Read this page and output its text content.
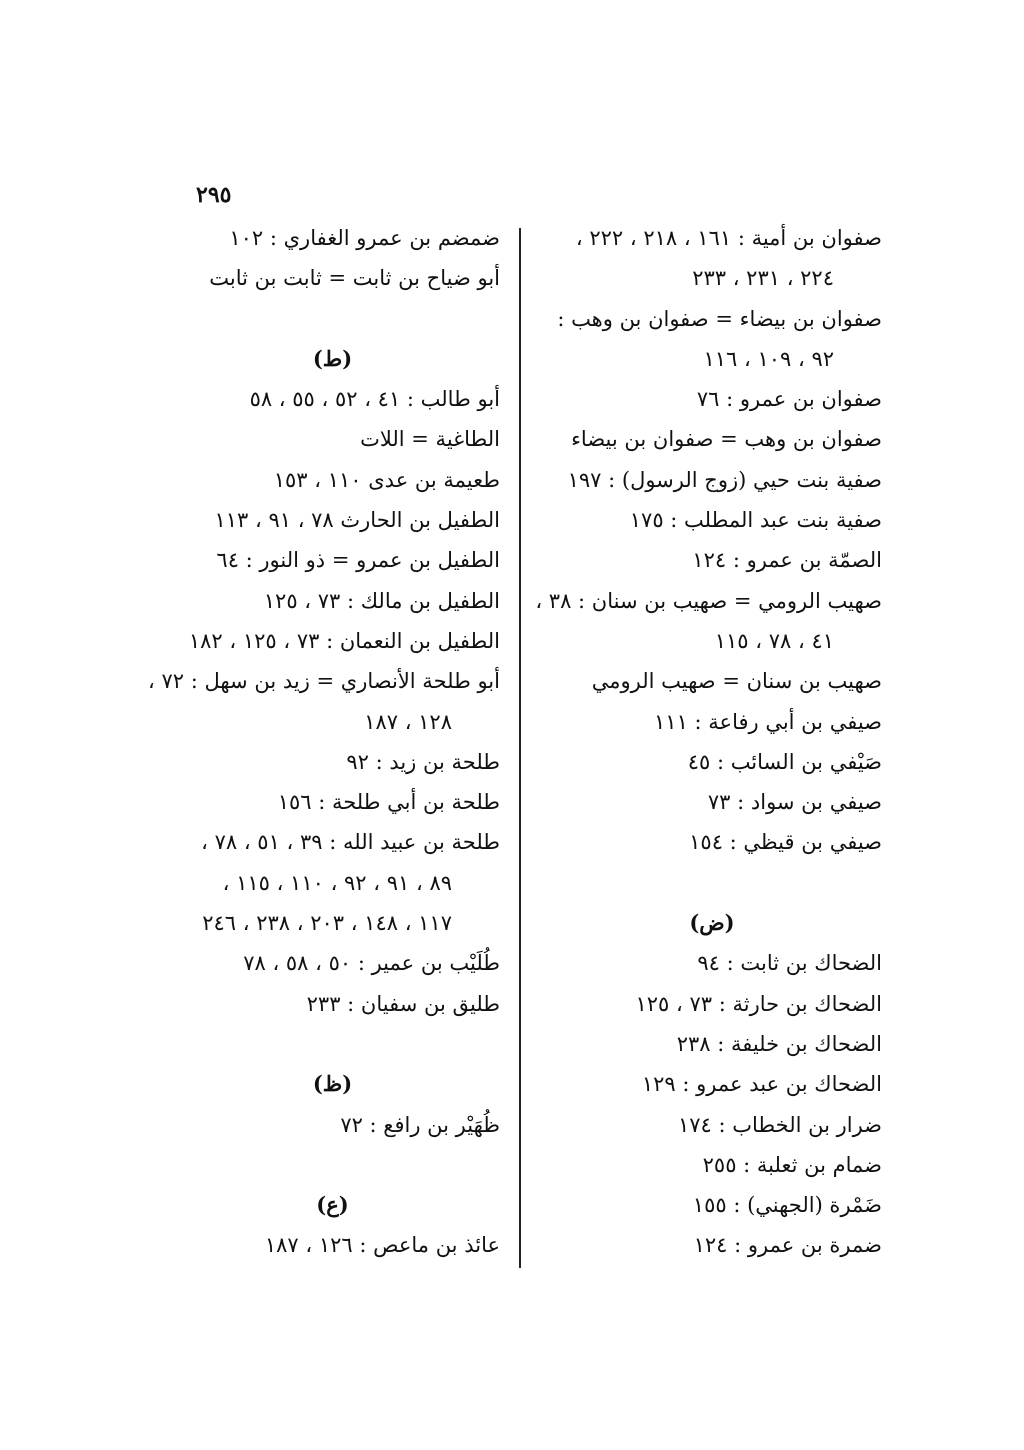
٢٩٥
صفوان بن أمية : ١٦١ ، ٢١٨ ، ٢٢٢ ،
٢٢٤ ، ٢٣١ ، ٢٣٣
صفوان بن بيضاء = صفوان بن وهب :
٩٢ ، ١٠٩ ، ١١٦
صفوان بن عمرو : ٧٦
صفوان بن وهب = صفوان بن بيضاء
صفية بنت حيي (زوج الرسول) : ١٩٧
صفية بنت عبد المطلب : ١٧٥
الصمّة بن عمرو : ١٢٤
صهيب الرومي = صهيب بن سنان : ٣٨ ،
٤١ ، ٧٨ ، ١١٥
صهيب بن سنان = صهيب الرومي
صيفي بن أبي رفاعة : ١١١
صَيْفي بن السائب : ٤٥
صيفي بن سواد : ٧٣
صيفي بن قيظي : ١٥٤
(ض)
الضحاك بن ثابت : ٩٤
الضحاك بن حارثة : ٧٣ ، ١٢٥
الضحاك بن خليفة : ٢٣٨
الضحاك بن عبد عمرو : ١٢٩
ضرار بن الخطاب : ١٧٤
ضمام بن ثعلبة : ٢٥٥
ضَمْرة (الجهني) : ١٥٥
ضمرة بن عمرو : ١٢٤
ضمضم بن عمرو الغفاري : ١٠٢
أبو ضياح بن ثابت = ثابت بن ثابت
(ط)
أبو طالب : ٤١ ، ٥٢ ، ٥٥ ، ٥٨
الطاغية = اللات
طعيمة بن عدى ١١٠ ، ١٥٣
الطفيل بن الحارث ٧٨ ، ٩١ ، ١١٣
الطفيل بن عمرو = ذو النور : ٦٤
الطفيل بن مالك : ٧٣ ، ١٢٥
الطفيل بن النعمان : ٧٣ ، ١٢٥ ، ١٨٢
أبو طلحة الأنصاري = زيد بن سهل : ٧٢ ،
١٢٨ ، ١٨٧
طلحة بن زيد : ٩٢
طلحة بن أبي طلحة : ١٥٦
طلحة بن عبيد الله : ٣٩ ، ٥١ ، ٧٨ ،
٨٩ ، ٩١ ، ٩٢ ، ١١٠ ، ١١٥ ،
١١٧ ، ١٤٨ ، ٢٠٣ ، ٢٣٨ ، ٢٤٦
طُلَيْب بن عمير : ٥٠ ، ٥٨ ، ٧٨
طليق بن سفيان : ٢٣٣
(ظ)
ظُهَيْر بن رافع : ٧٢
(ع)
عائذ بن ماعص : ١٢٦ ، ١٨٧
